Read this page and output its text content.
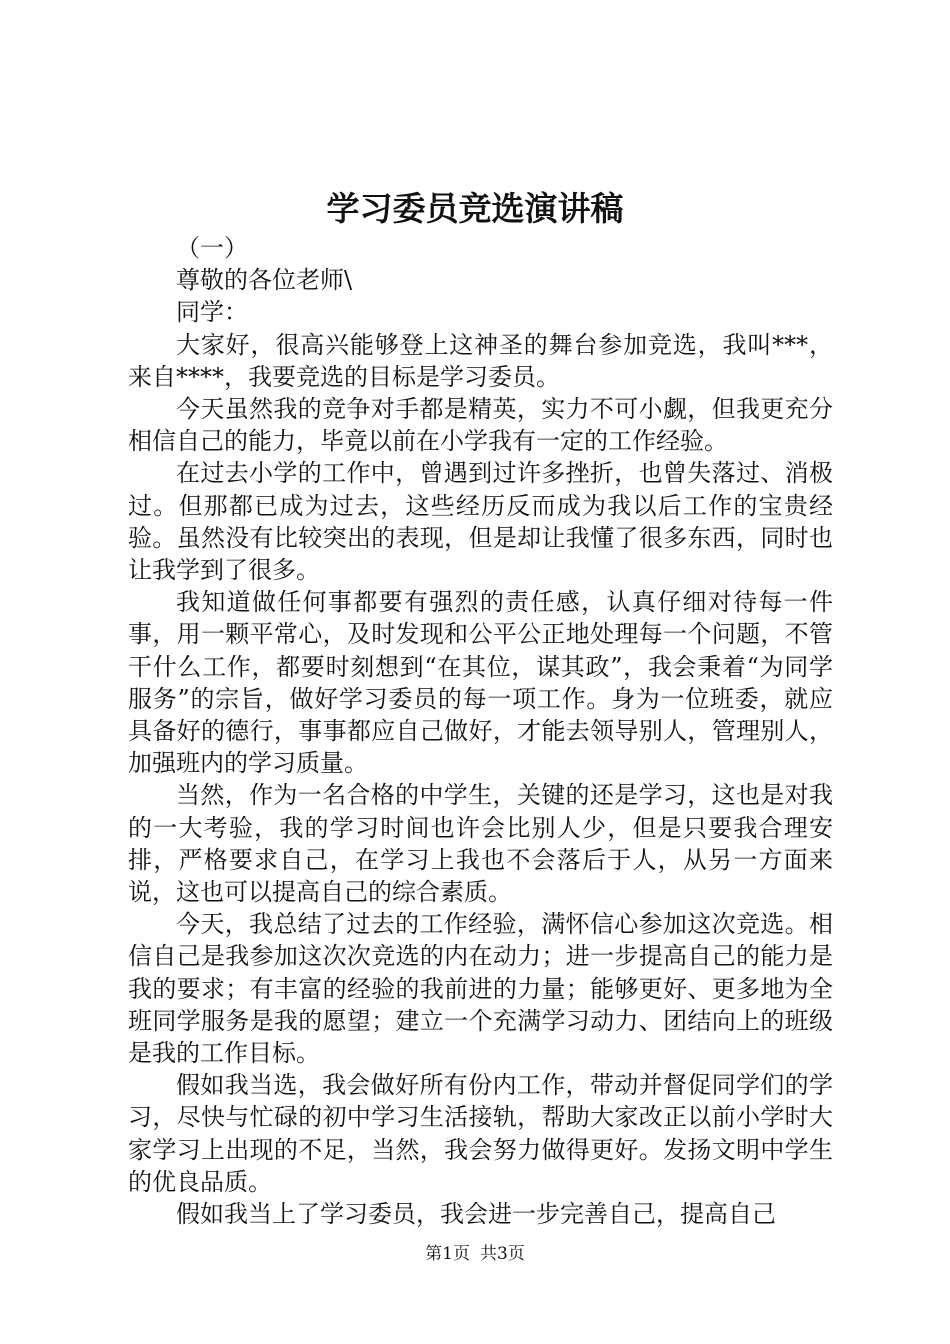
学习委员竞选演讲稿

（一）

尊敬的各位老师\

同学：

大家好，很高兴能够登上这神圣的舞台参加竞选，我叫***，来自****，我要竞选的目标是学习委员。

今天虽然我的竞争对手都是精英，实力不可小觑，但我更充分相信自己的能力，毕竟以前在小学我有一定的工作经验。

在过去小学的工作中，曾遇到过许多挫折，也曾失落过、消极过。但那都已成为过去，这些经历反而成为我以后工作的宝贵经验。虽然没有比较突出的表现，但是却让我懂了很多东西，同时也让我学到了很多。

我知道做任何事都要有强烈的责任感，认真仔细对待每一件事，用一颗平常心，及时发现和公平公正地处理每一个问题，不管干什么工作，都要时刻想到“在其位，谋其政”，我会秉着“为同学服务”的宗旨，做好学习委员的每一项工作。身为一位班委，就应具备好的德行，事事都应自己做好，才能去领导别人，管理别人，加强班内的学习质量。

当然，作为一名合格的中学生，关键的还是学习，这也是对我的一大考验，我的学习时间也许会比别人少，但是只要我合理安排，严格要求自己，在学习上我也不会落后于人，从另一方面来说，这也可以提高自己的综合素质。

今天，我总结了过去的工作经验，满怀信心参加这次竞选。相信自己是我参加这次次竞选的内在动力；进一步提高自己的能力是我的要求；有丰富的经验的我前进的力量；能够更好、更多地为全班同学服务是我的愿望；建立一个充满学习动力、团结向上的班级是我的工作目标。

假如我当选，我会做好所有份内工作，带动并督促同学们的学习，尽快与忙碌的初中学习生活接轨，帮助大家改正以前小学时大家学习上出现的不足，当然，我会努力做得更好。发扬文明中学生的优良品质。

假如我当上了学习委员，我会进一步完善自己，提高自己

第1页 共3页
